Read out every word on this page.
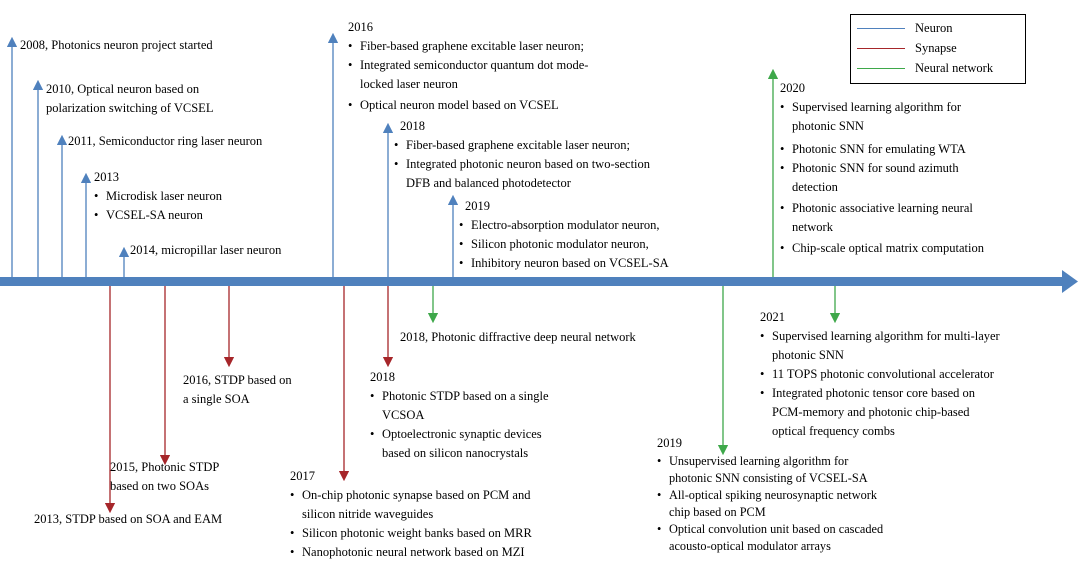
Neuron
Synapse
Neural network
2008, Photonics neuron project started
2010, Optical neuron based on
polarization switching of VCSEL
2011, Semiconductor ring laser neuron
2013
• Microdisk laser neuron
• VCSEL-SA neuron
2014, micropillar laser neuron
2016
• Fiber-based graphene excitable laser neuron;
• Integrated semiconductor quantum dot mode-
locked laser neuron
• Optical neuron model based on VCSEL
2018
• Fiber-based graphene excitable laser neuron;
• Integrated photonic neuron based on two-section
DFB and balanced photodetector
2019
• Electro-absorption modulator neuron,
• Silicon photonic modulator neuron,
• Inhibitory neuron based on VCSEL-SA
2020
• Supervised learning algorithm for
photonic SNN
• Photonic SNN for emulating WTA
• Photonic SNN for sound azimuth
detection
• Photonic associative learning neural
network
• Chip-scale optical matrix computation
2013, STDP based on SOA and EAM
2015, Photonic STDP
based on two SOAs
2016, STDP based on
a single SOA
2017
• On-chip photonic synapse based on PCM and
silicon nitride waveguides
• Silicon photonic weight banks based on MRR
• Nanophotonic neural network based on MZI
2018, Photonic diffractive deep neural network
2018
• Photonic STDP based on a single
VCSOA
• Optoelectronic synaptic devices
based on silicon nanocrystals
2019
• Unsupervised learning algorithm for
photonic SNN consisting of VCSEL-SA
• All-optical spiking neurosynaptic network
chip based on PCM
• Optical convolution unit based on cascaded
acousto-optical modulator arrays
2021
• Supervised learning algorithm for multi-layer
photonic SNN
• 11 TOPS photonic convolutional accelerator
• Integrated photonic tensor core based on
PCM-memory and photonic chip-based
optical frequency combs
